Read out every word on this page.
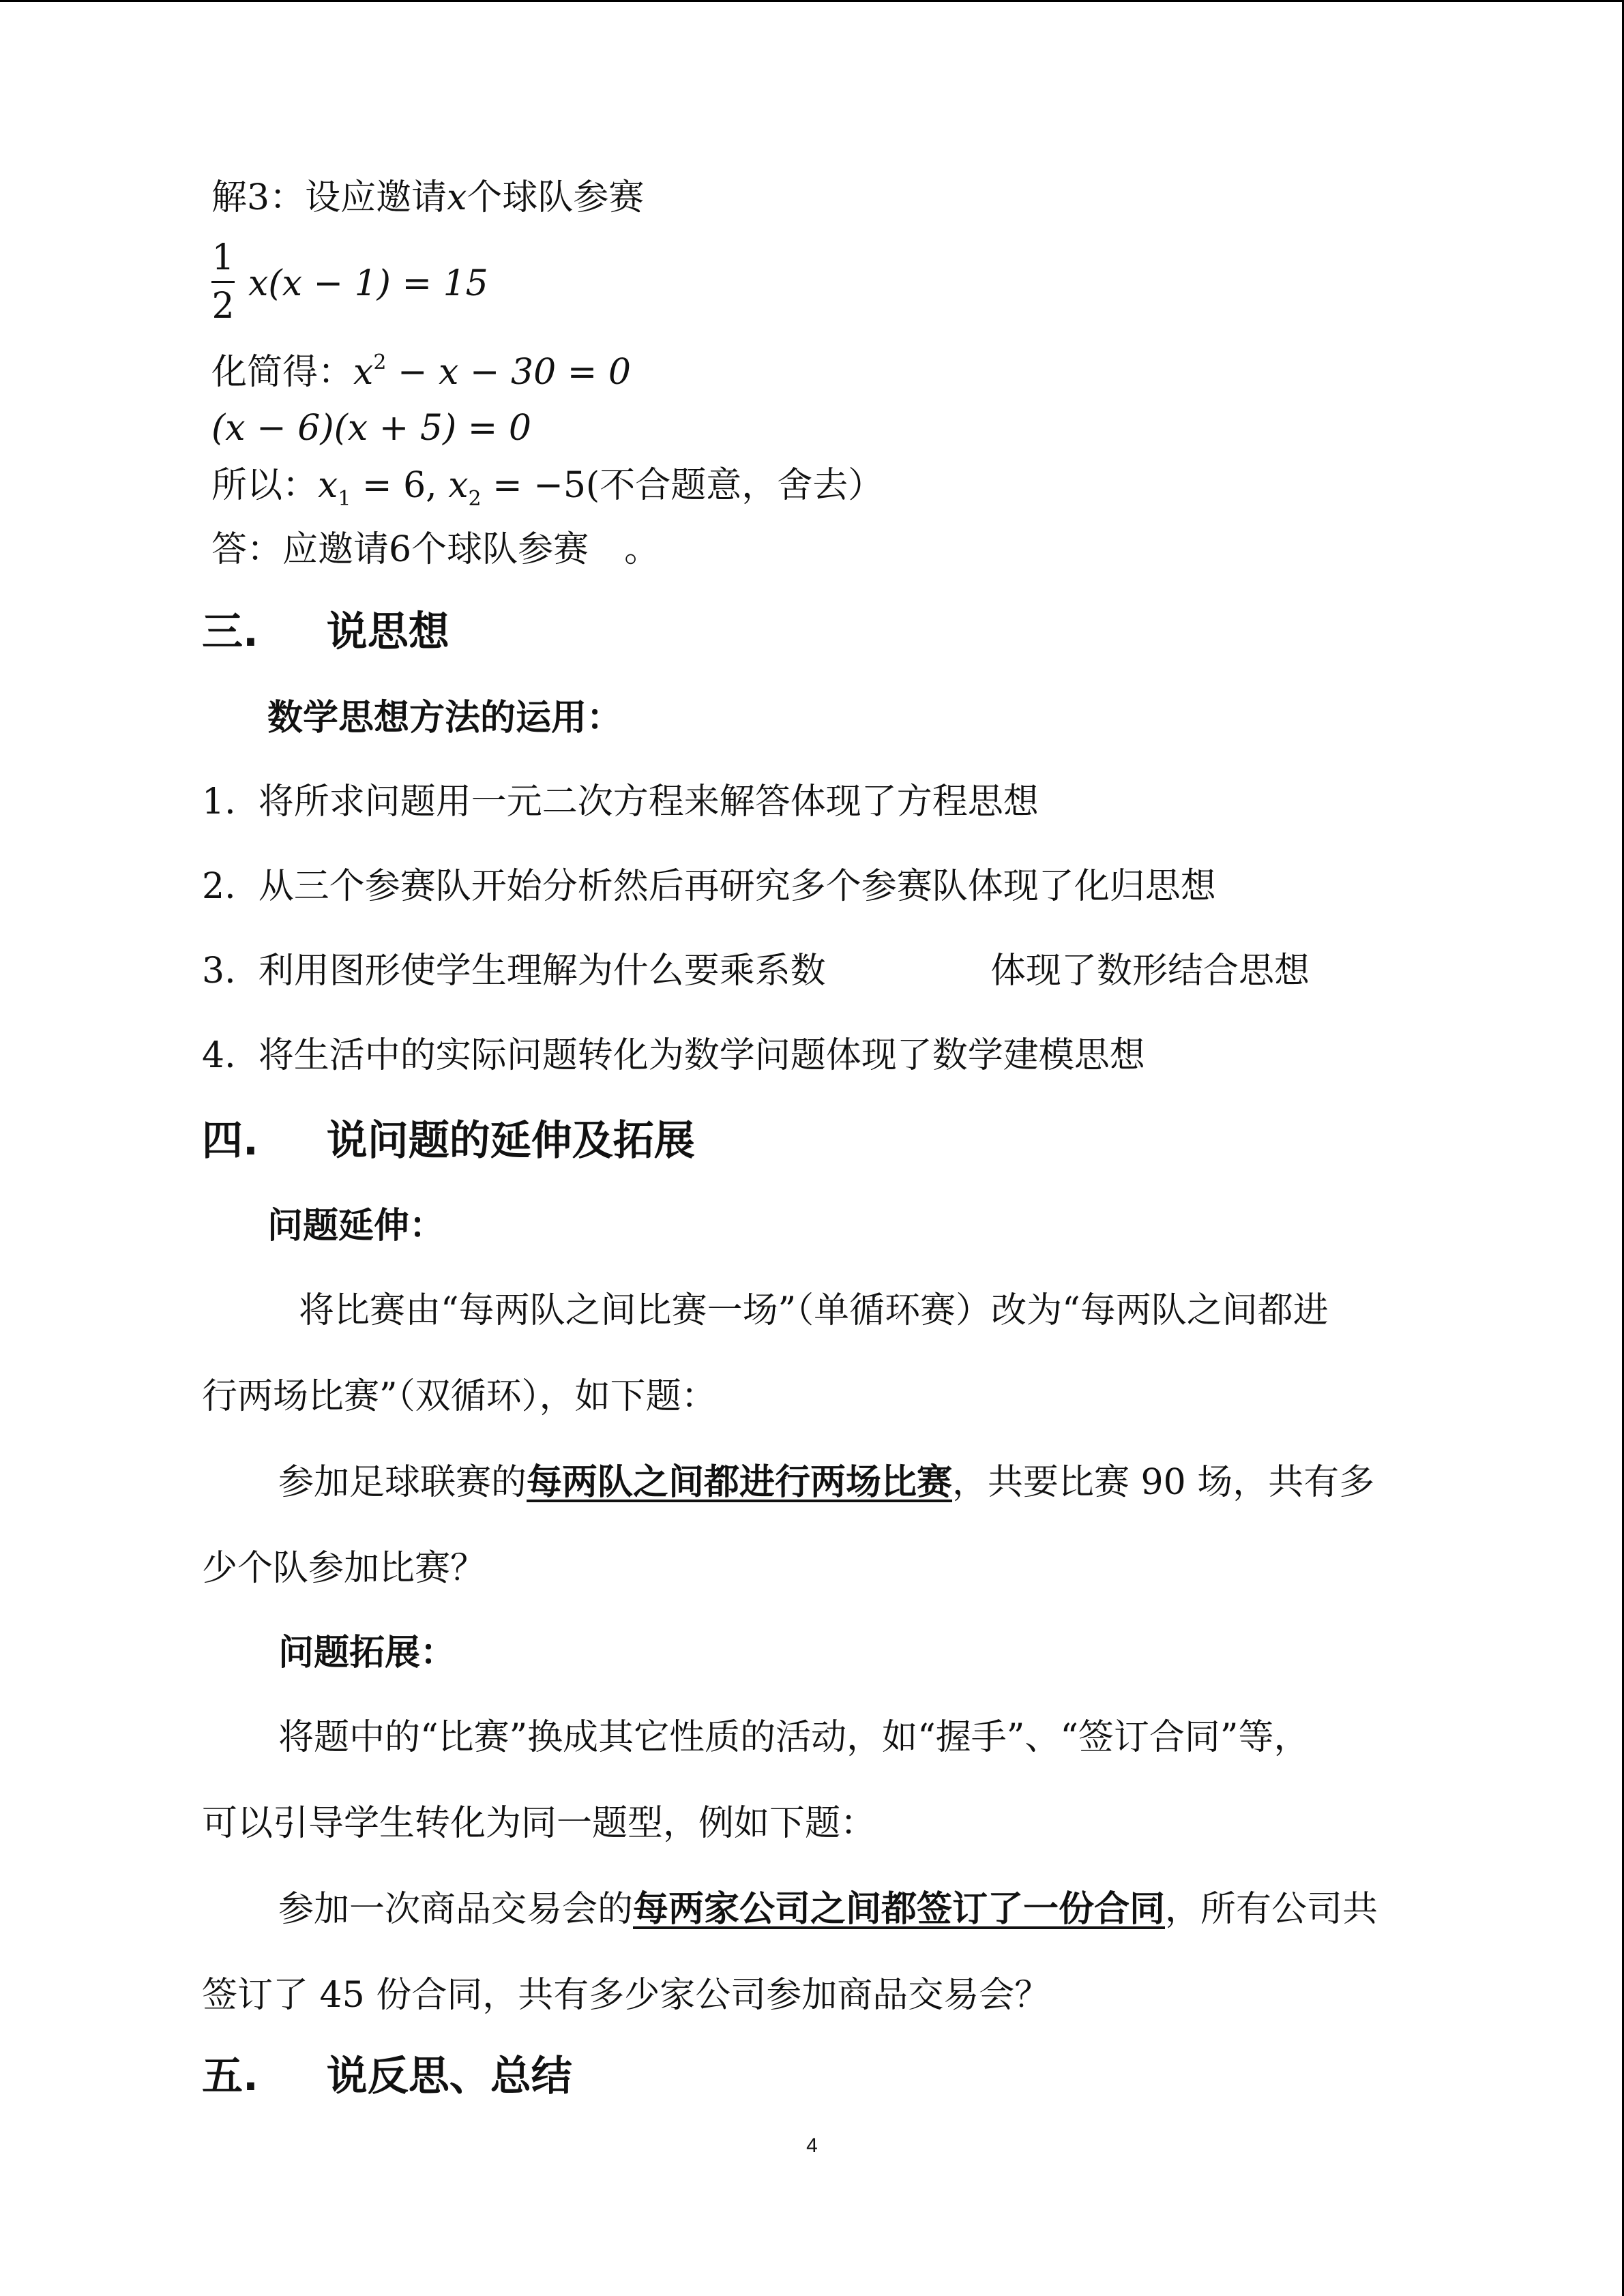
解3：设应邀请x个球队参赛
1
2
x(x − 1) = 15
化简得：$x^2 - x - 30 = 0$
(x − 6)(x + 5) = 0
所以：$x_1 = 6$, $x_2 = -5$(不合题意，舍去）
答：应邀请6个球队参赛　。
三. 说思想
数学思想方法的运用：
1. 将所求问题用一元二次方程来解答体现了方程思想
2. 从三个参赛队开始分析然后再研究多个参赛队体现了化归思想
3. 利用图形使学生理解为什么要乘系数	体现了数形结合思想
4. 将生活中的实际问题转化为数学问题体现了数学建模思想
四. 说问题的延伸及拓展
问题延伸：
将比赛由“每两队之间比赛一场”（单循环赛）改为“每两队之间都进
行两场比赛”（双循环），如下题：
参加足球联赛的每两队之间都进行两场比赛，共要比赛 90 场，共有多
少个队参加比赛？
问题拓展：
将题中的“比赛”换成其它性质的活动，如“握手”、“签订合同”等，
可以引导学生转化为同一题型，例如下题：
参加一次商品交易会的每两家公司之间都签订了一份合同，所有公司共
签订了 45 份合同，共有多少家公司参加商品交易会？
五. 说反思、总结
4
